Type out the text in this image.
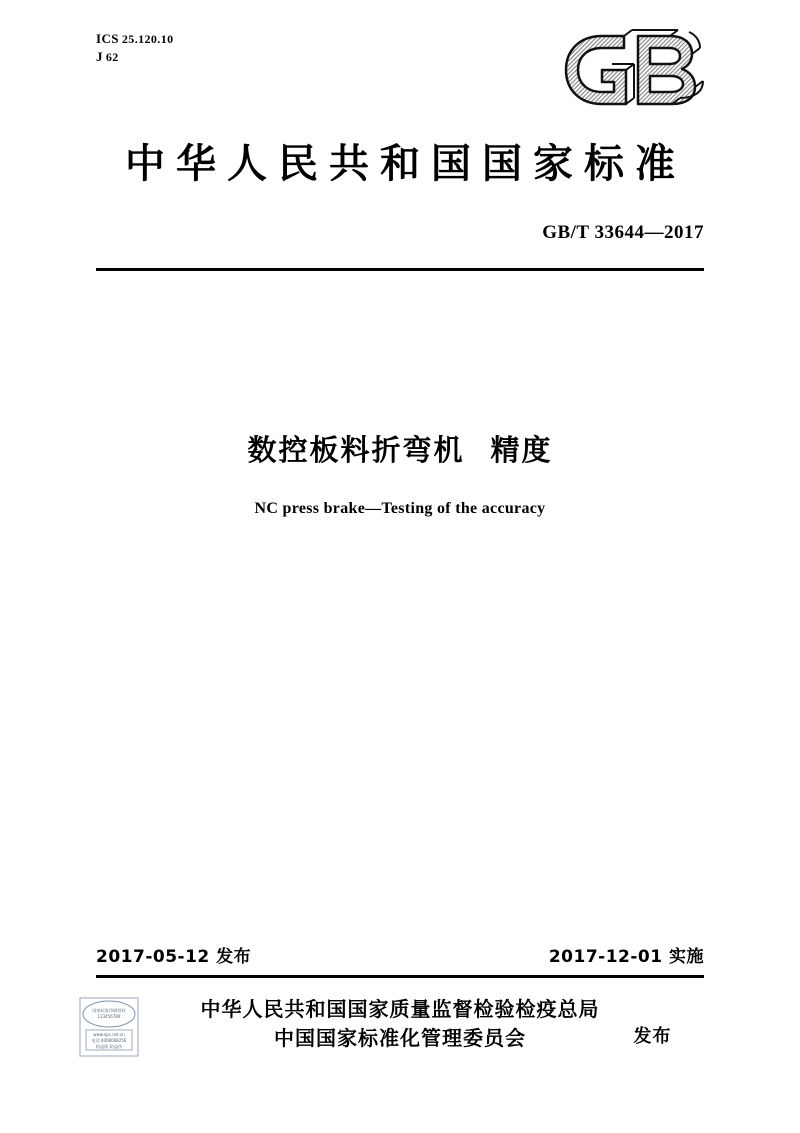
ICS 25.120.10
J 62
中华人民共和国国家标准
GB/T 33644—2017
数控板料折弯机 精度
NC press brake—Testing of the accuracy
2017-05-12 发布	2017-12-01 实施
中华人民共和国国家质量监督检验检疫总局
中国国家标准化管理委员会	发布
国家标准印刷授权
123456789
www.spc.net.cn
电话 4008008256
防盗版 防盗伪
